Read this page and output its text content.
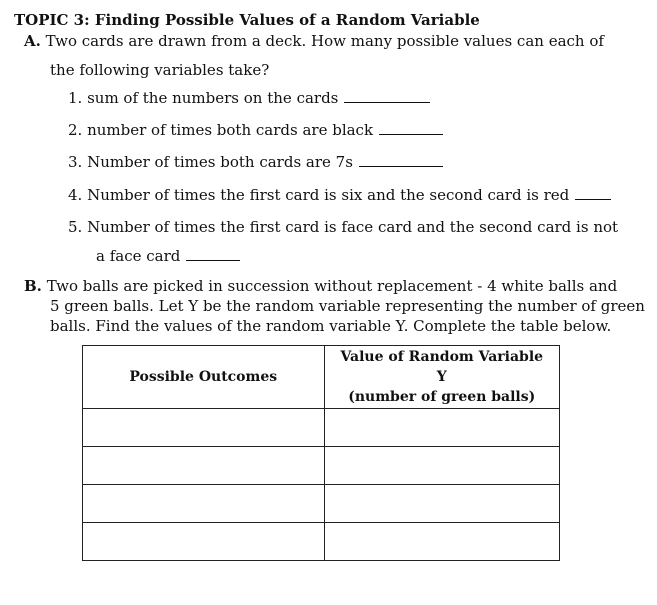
TOPIC 3: Finding Possible Values of a Random Variable
A. Two cards are drawn from a deck. How many possible values can each of
the following variables take?
1. sum of the numbers on the cards
2. number of times both cards are black
3. Number of times both cards are 7s
4. Number of times the first card is six and the second card is red
5. Number of times the first card is face card and the second card is not
a face card
B. Two balls are picked in succession without replacement - 4 white balls and
5 green balls. Let Y be the random variable representing the number of green
balls. Find the values of the random variable Y. Complete the table below.
Possible Outcomes	Value of Random Variable
Y
(number of green balls)
